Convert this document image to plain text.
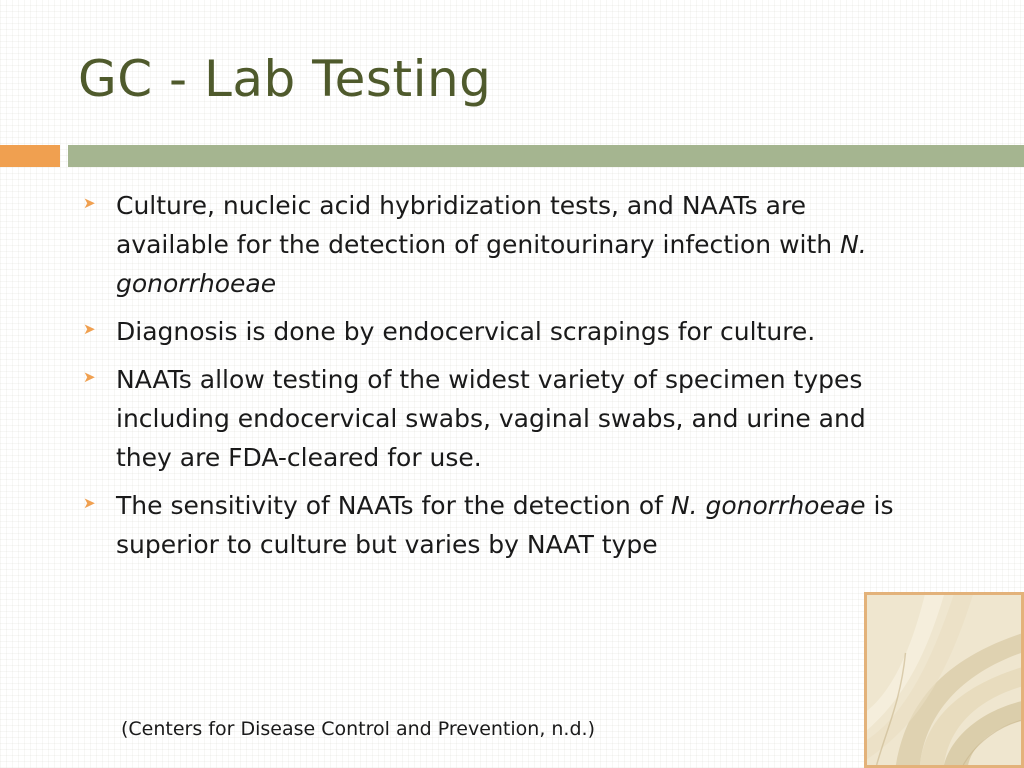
GC - Lab Testing
➤ Culture, nucleic acid hybridization tests, and NAATs are available for the detection of genitourinary infection with N. gonorrhoeae
➤ Diagnosis is done by endocervical scrapings for culture.
➤ NAATs allow testing of the widest variety of specimen types including endocervical swabs, vaginal swabs, and urine and they are FDA-cleared for use.
➤ The sensitivity of NAATs for the detection of N. gonorrhoeae is superior to culture but varies by NAAT type
(Centers for Disease Control and Prevention, n.d.)
